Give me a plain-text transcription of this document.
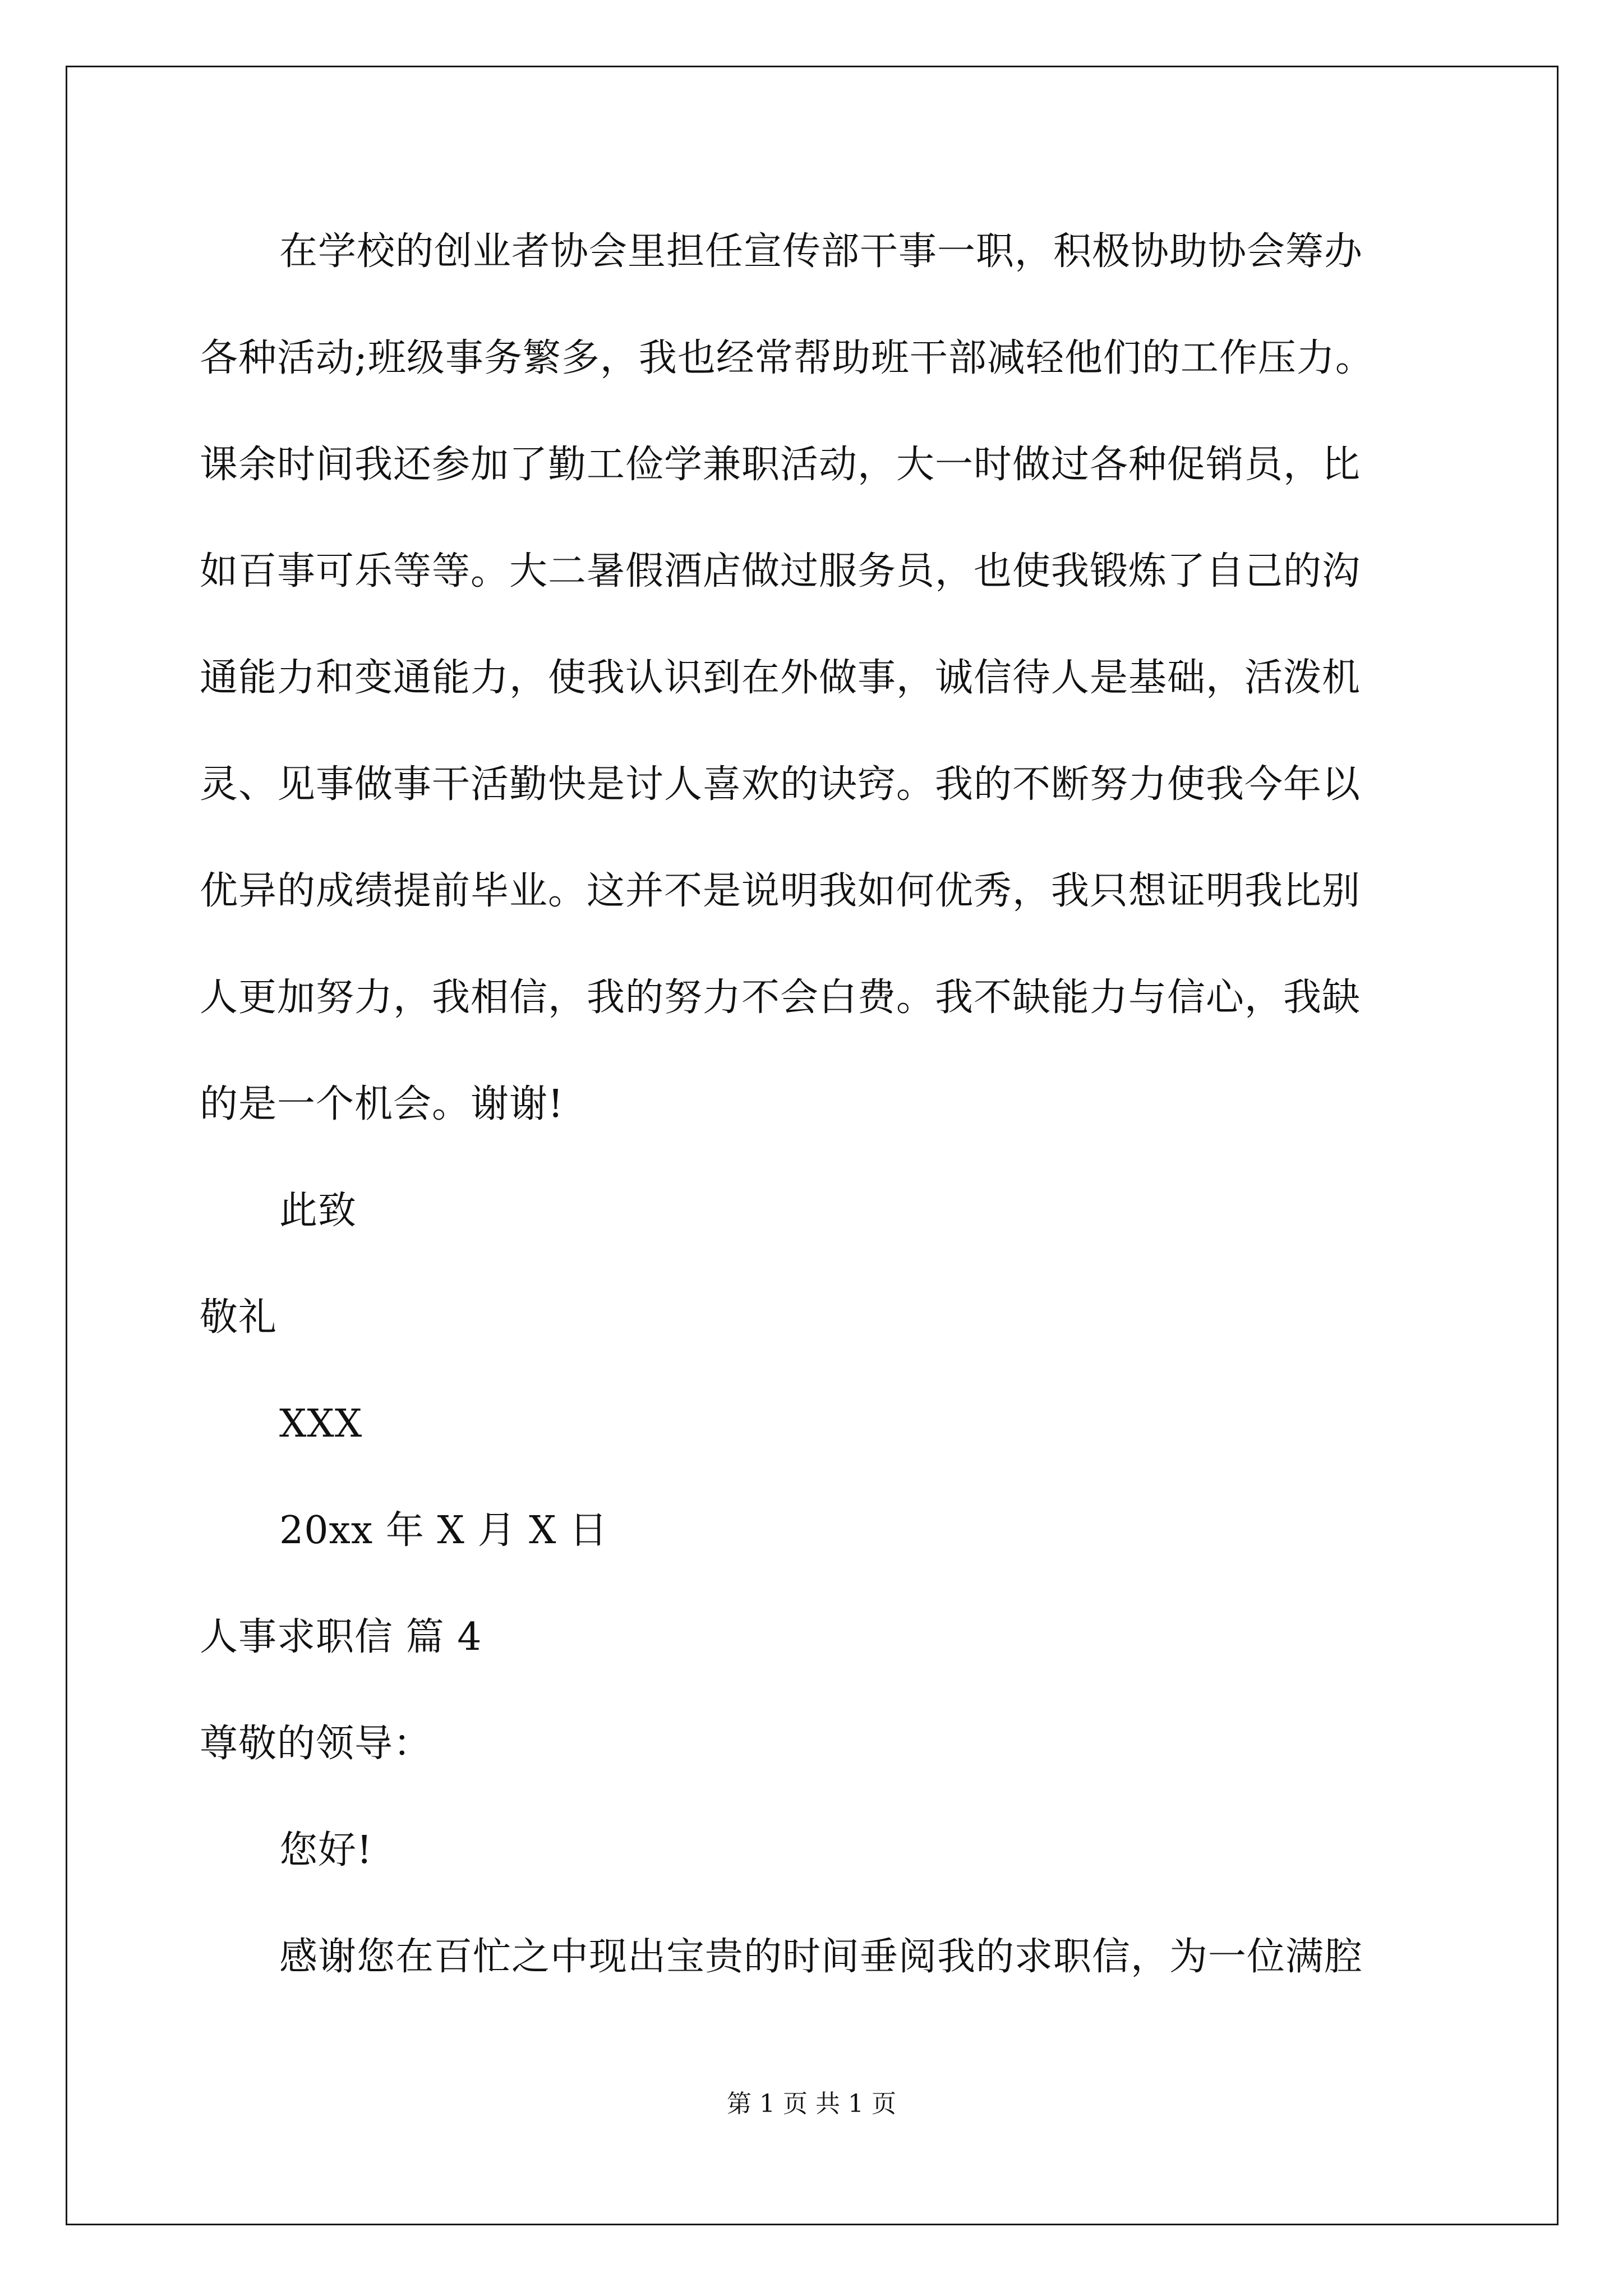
在学校的创业者协会里担任宣传部干事一职，积极协助协会筹办
各种活动;班级事务繁多，我也经常帮助班干部减轻他们的工作压力。
课余时间我还参加了勤工俭学兼职活动，大一时做过各种促销员，比
如百事可乐等等。大二暑假酒店做过服务员，也使我锻炼了自己的沟
通能力和变通能力，使我认识到在外做事，诚信待人是基础，活泼机
灵、见事做事干活勤快是讨人喜欢的诀窍。我的不断努力使我今年以
优异的成绩提前毕业。这并不是说明我如何优秀，我只想证明我比别
人更加努力，我相信，我的努力不会白费。我不缺能力与信心，我缺
的是一个机会。谢谢!
此致
敬礼
XXX
20xx 年 X 月 X 日
人事求职信 篇 4
尊敬的领导：
您好!
感谢您在百忙之中现出宝贵的时间垂阅我的求职信，为一位满腔
第 1 页 共 1 页
